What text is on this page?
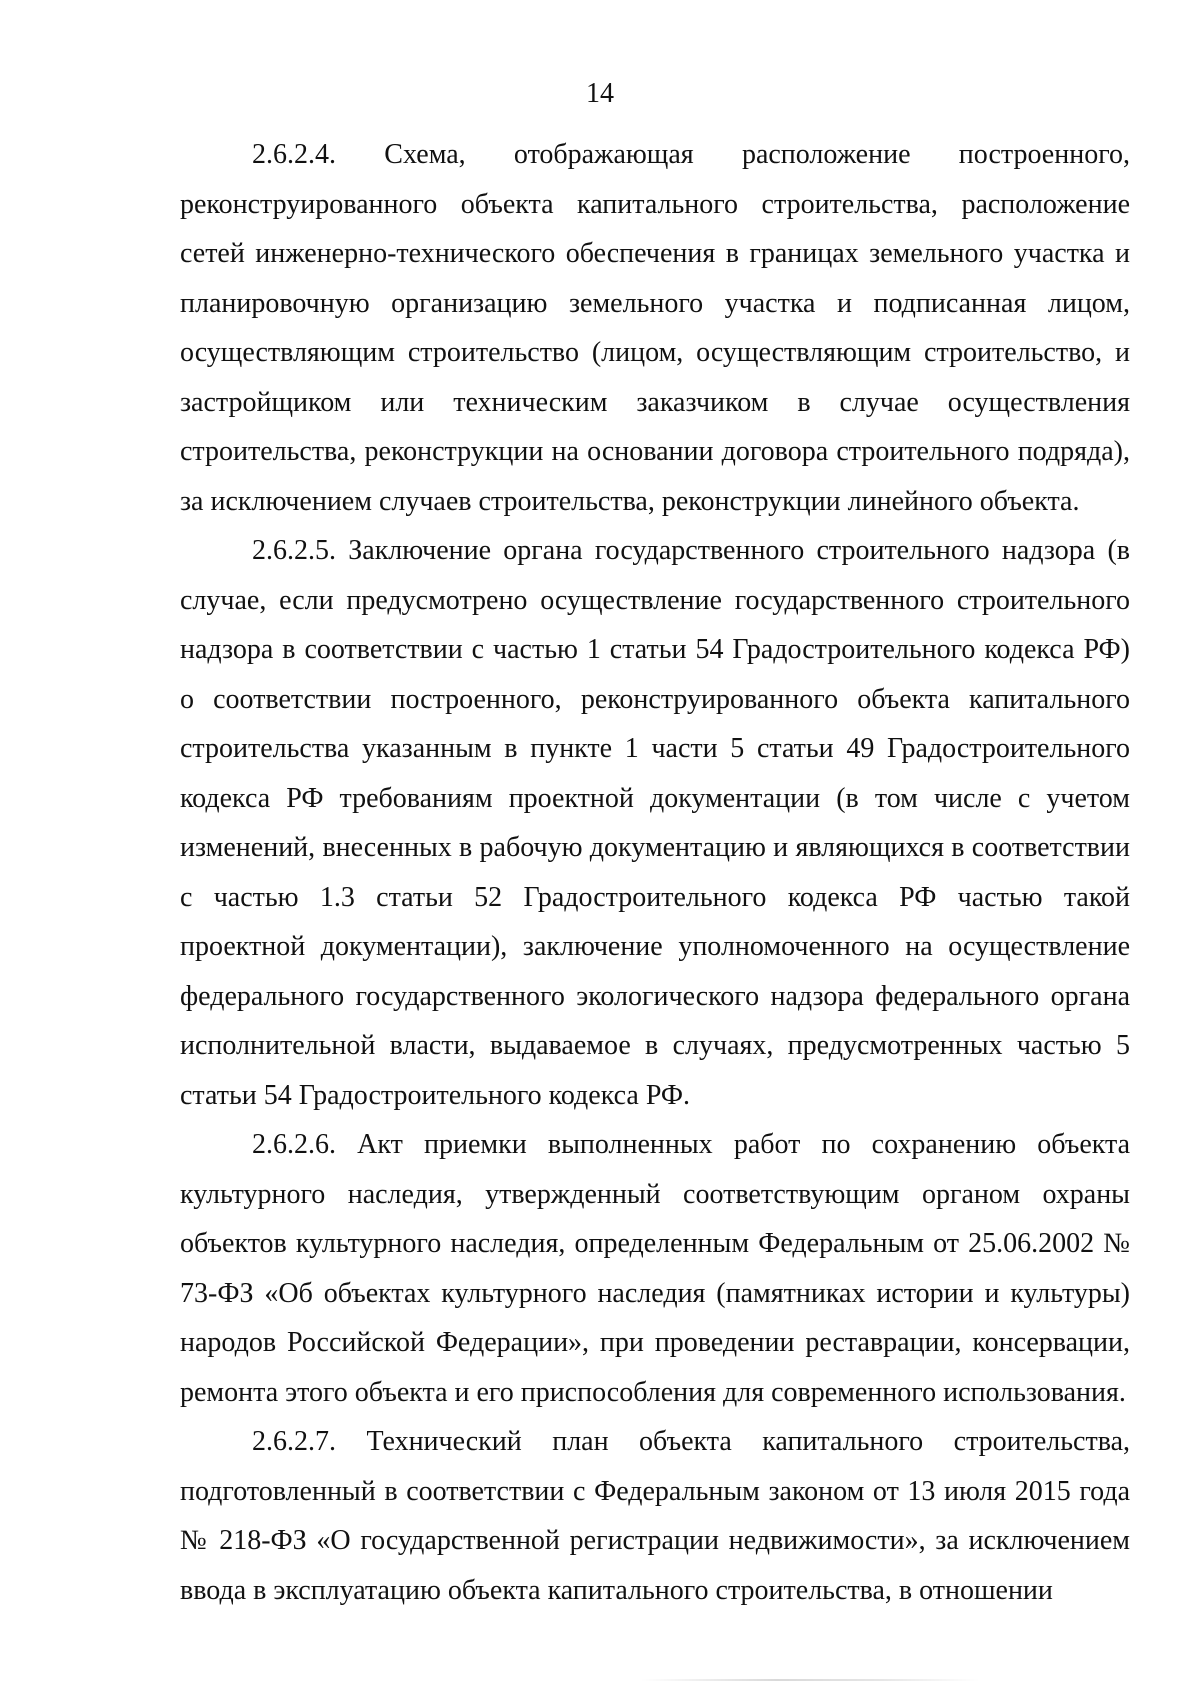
14

2.6.2.4. Схема, отображающая расположение построенного, реконструированного объекта капитального строительства, расположение сетей инженерно-технического обеспечения в границах земельного участка и планировочную организацию земельного участка и подписанная лицом, осуществляющим строительство (лицом, осуществляющим строительство, и застройщиком или техническим заказчиком в случае осуществления строительства, реконструкции на основании договора строительного подряда), за исключением случаев строительства, реконструкции линейного объекта.

2.6.2.5. Заключение органа государственного строительного надзора (в случае, если предусмотрено осуществление государственного строительного надзора в соответствии с частью 1 статьи 54 Градостроительного кодекса РФ) о соответствии построенного, реконструированного объекта капитального строительства указанным в пункте 1 части 5 статьи 49 Градостроительного кодекса РФ требованиям проектной документации (в том числе с учетом изменений, внесенных в рабочую документацию и являющихся в соответствии с частью 1.3 статьи 52 Градостроительного кодекса РФ частью такой проектной документации), заключение уполномоченного на осуществление федерального государственного экологического надзора федерального органа исполнительной власти, выдаваемое в случаях, предусмотренных частью 5 статьи 54 Градостроительного кодекса РФ.

2.6.2.6. Акт приемки выполненных работ по сохранению объекта культурного наследия, утвержденный соответствующим органом охраны объектов культурного наследия, определенным Федеральным от 25.06.2002 № 73-ФЗ «Об объектах культурного наследия (памятниках истории и культуры) народов Российской Федерации», при проведении реставрации, консервации, ремонта этого объекта и его приспособления для современного использования.

2.6.2.7. Технический план объекта капитального строительства, подготовленный в соответствии с Федеральным законом от 13 июля 2015 года № 218-ФЗ «О государственной регистрации недвижимости», за исключением ввода в эксплуатацию объекта капитального строительства, в отношении
